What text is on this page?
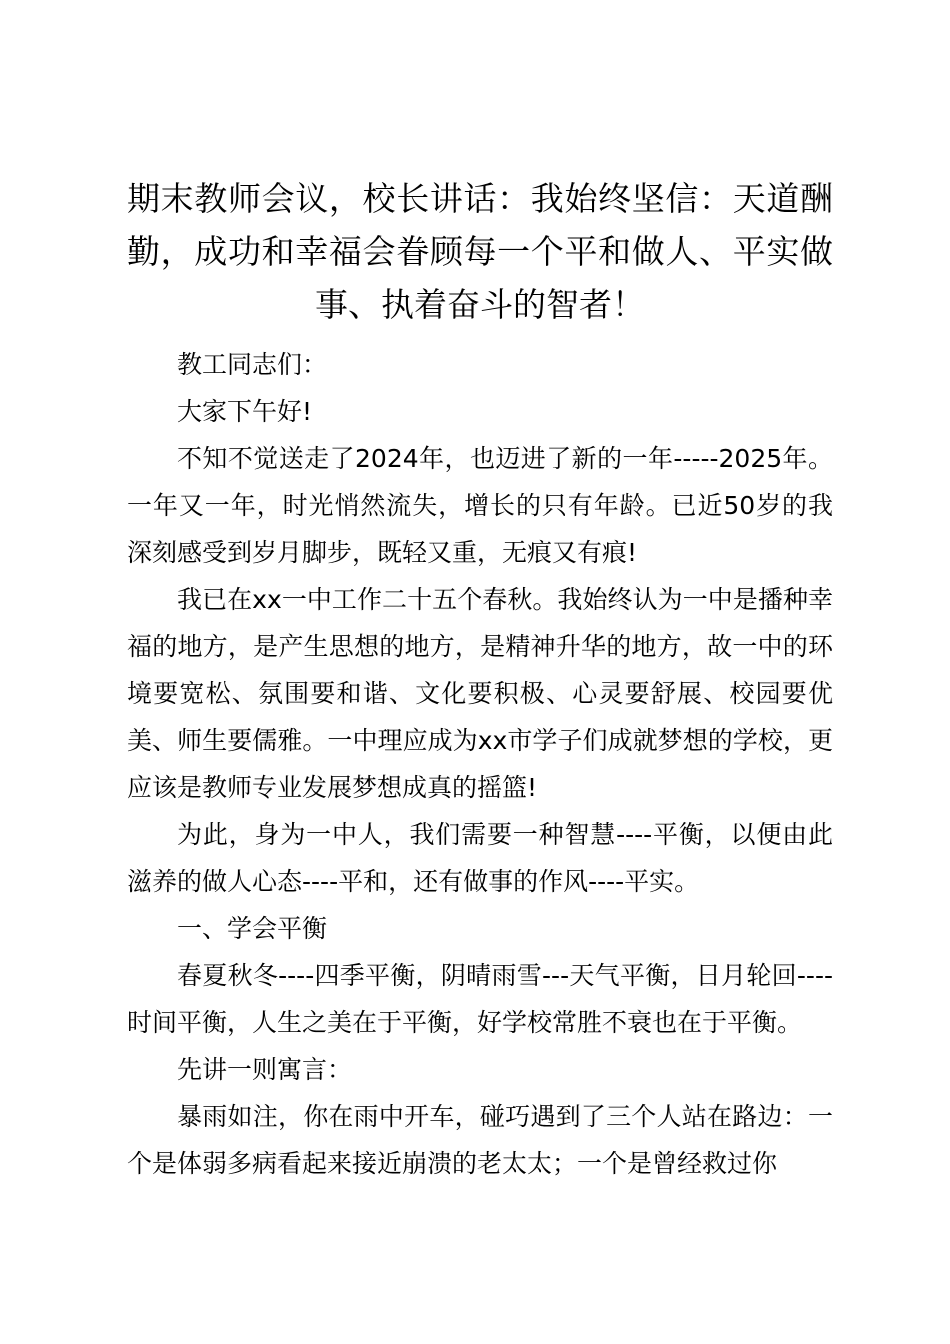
期末教师会议，校长讲话：我始终坚信：天道酬勤，成功和幸福会眷顾每一个平和做人、平实做事、执着奋斗的智者！

教工同志们：

大家下午好!

不知不觉送走了2024年，也迈进了新的一年-----2025年。一年又一年，时光悄然流失，增长的只有年龄。已近50岁的我深刻感受到岁月脚步，既轻又重，无痕又有痕!

我已在xx一中工作二十五个春秋。我始终认为一中是播种幸福的地方，是产生思想的地方，是精神升华的地方，故一中的环境要宽松、氛围要和谐、文化要积极、心灵要舒展、校园要优美、师生要儒雅。一中理应成为xx市学子们成就梦想的学校，更应该是教师专业发展梦想成真的摇篮!

为此，身为一中人，我们需要一种智慧----平衡，以便由此滋养的做人心态----平和，还有做事的作风----平实。

一、学会平衡

春夏秋冬----四季平衡，阴晴雨雪---天气平衡，日月轮回----时间平衡，人生之美在于平衡，好学校常胜不衰也在于平衡。

先讲一则寓言：

暴雨如注，你在雨中开车，碰巧遇到了三个人站在路边：一个是体弱多病看起来接近崩溃的老太太；一个是曾经救过你
